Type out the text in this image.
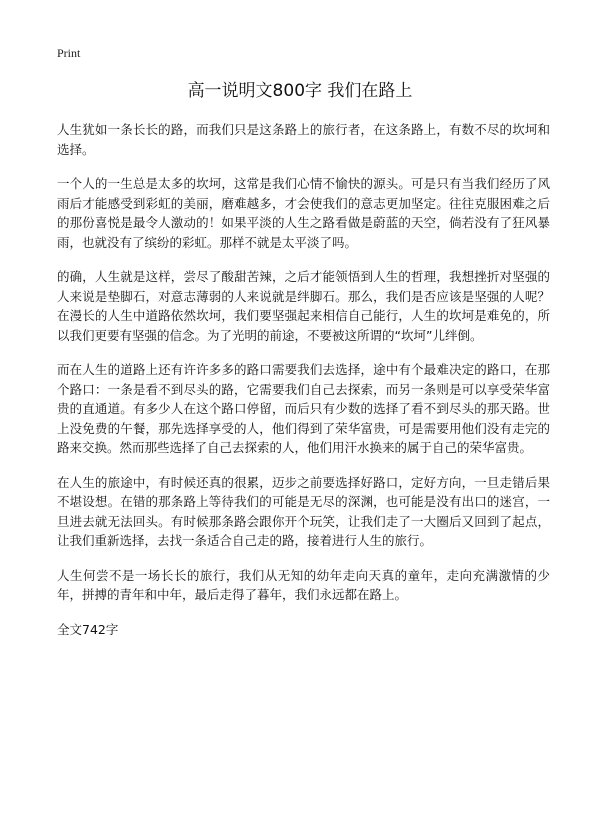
Print
高一说明文800字 我们在路上

人生犹如一条长长的路，而我们只是这条路上的旅行者，在这条路上，有数不尽的坎坷和选择。

一个人的一生总是太多的坎坷，这常是我们心情不愉快的源头。可是只有当我们经历了风雨后才能感受到彩虹的美丽，磨难越多，才会使我们的意志更加坚定。往往克服困难之后的那份喜悦是最令人激动的！如果平淡的人生之路看做是蔚蓝的天空，倘若没有了狂风暴雨，也就没有了缤纷的彩虹。那样不就是太平淡了吗。

的确，人生就是这样，尝尽了酸甜苦辣，之后才能领悟到人生的哲理，我想挫折对坚强的人来说是垫脚石，对意志薄弱的人来说就是绊脚石。那么，我们是否应该是坚强的人呢？在漫长的人生中道路依然坎坷，我们要坚强起来相信自己能行，人生的坎坷是难免的，所以我们更要有坚强的信念。为了光明的前途，不要被这所谓的“坎坷”儿绊倒。

而在人生的道路上还有许许多多的路口需要我们去选择，途中有个最难决定的路口，在那个路口：一条是看不到尽头的路，它需要我们自己去探索，而另一条则是可以享受荣华富贵的直通道。有多少人在这个路口停留，而后只有少数的选择了看不到尽头的那天路。世上没免费的午餐，那先选择享受的人，他们得到了荣华富贵，可是需要用他们没有走完的路来交换。然而那些选择了自己去探索的人，他们用汗水换来的属于自己的荣华富贵。

在人生的旅途中，有时候还真的很累，迈步之前要选择好路口，定好方向，一旦走错后果不堪设想。在错的那条路上等待我们的可能是无尽的深渊，也可能是没有出口的迷宫，一旦进去就无法回头。有时候那条路会跟你开个玩笑，让我们走了一大圈后又回到了起点，让我们重新选择，去找一条适合自己走的路，接着进行人生的旅行。

人生何尝不是一场长长的旅行，我们从无知的幼年走向天真的童年，走向充满激情的少年，拼搏的青年和中年，最后走得了暮年，我们永远都在路上。

全文742字
